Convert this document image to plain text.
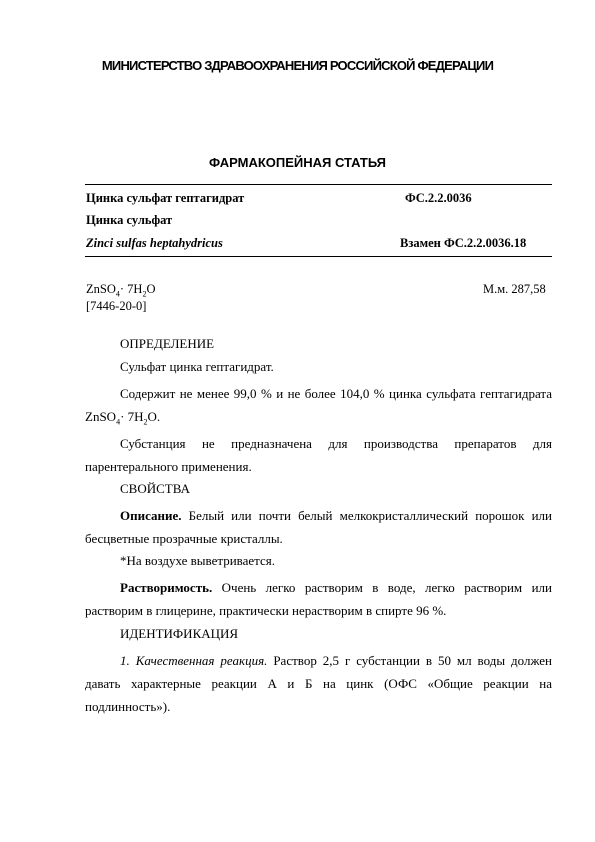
МИНИСТЕРСТВО ЗДРАВООХРАНЕНИЯ РОССИЙСКОЙ ФЕДЕРАЦИИ
ФАРМАКОПЕЙНАЯ СТАТЬЯ
Цинка сульфат гептагидрат	ФС.2.2.0036
Цинка сульфат
Zinci sulfas heptahydricus	Взамен ФС.2.2.0036.18
ZnSO$_4$· $7H_2O$	М.м. 287,58
[7446-20-0]
ОПРЕДЕЛЕНИЕ
Сульфат цинка гептагидрат.
Содержит не менее 99,0 % и не более 104,0 % цинка сульфата гептагидрата ZnSO$_4$· $7H_2O$.
Субстанция не предназначена для производства препаратов для парентерального применения.
СВОЙСТВА
Описание. Белый или почти белый мелкокристаллический порошок или бесцветные прозрачные кристаллы.
*На воздухе выветривается.
Растворимость. Очень легко растворим в воде, легко растворим или растворим в глицерине, практически нерастворим в спирте 96 %.
ИДЕНТИФИКАЦИЯ
1. Качественная реакция. Раствор 2,5 г субстанции в 50 мл воды должен давать характерные реакции А и Б на цинк (ОФС «Общие реакции на подлинность»).
